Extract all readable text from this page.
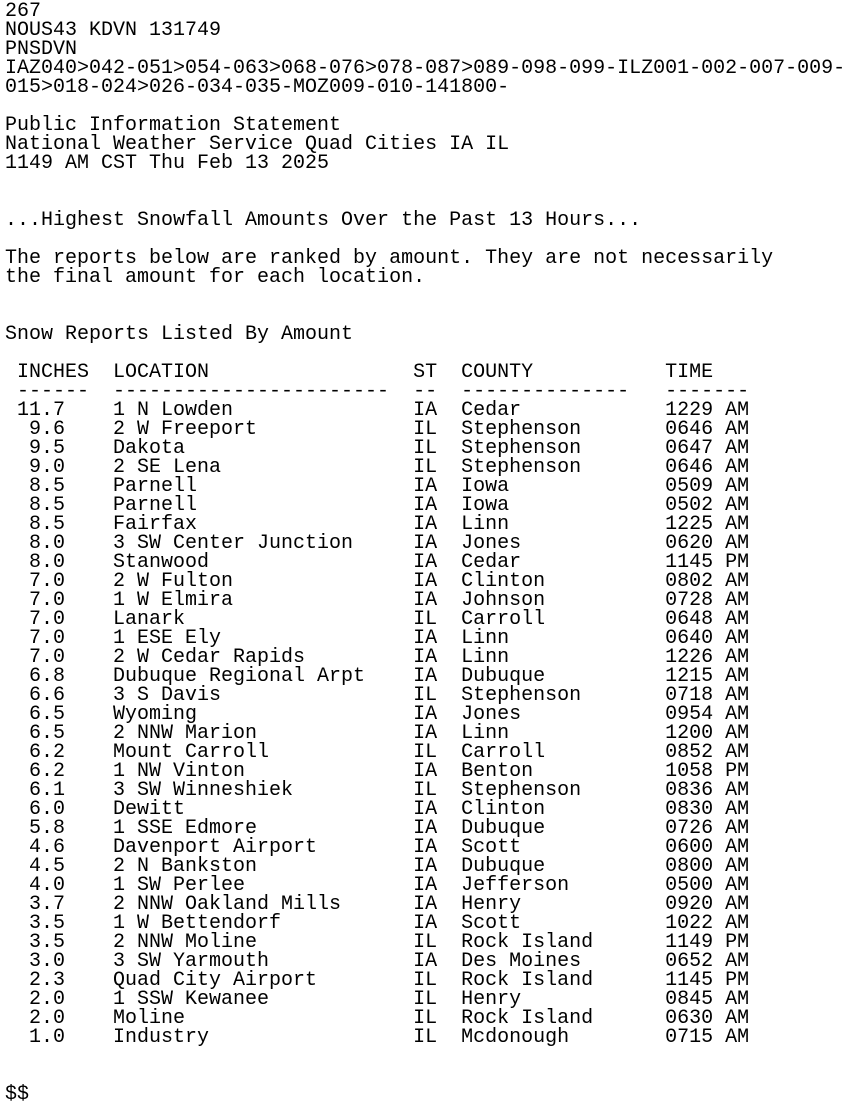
267
NOUS43 KDVN 131749
PNSDVN
IAZ040>042-051>054-063>068-076>078-087>089-098-099-ILZ001-002-007-009-
015>018-024>026-034-035-MOZ009-010-141800-
Public Information Statement
National Weather Service Quad Cities IA IL
1149 AM CST Thu Feb 13 2025
...Highest Snowfall Amounts Over the Past 13 Hours...
The reports below are ranked by amount. They are not necessarily
the final amount for each location.
Snow Reports Listed By Amount
INCHES  LOCATION                 ST  COUNTY           TIME
------  -----------------------  --  --------------   -------
11.7    1 N Lowden               IA  Cedar            1229 AM
9.6    2 W Freeport             IL  Stephenson       0646 AM
9.5    Dakota                   IL  Stephenson       0647 AM
9.0    2 SE Lena                IL  Stephenson       0646 AM
8.5    Parnell                  IA  Iowa             0509 AM
8.5    Parnell                  IA  Iowa             0502 AM
8.5    Fairfax                  IA  Linn             1225 AM
8.0    3 SW Center Junction     IA  Jones            0620 AM
8.0    Stanwood                 IA  Cedar            1145 PM
7.0    2 W Fulton               IA  Clinton          0802 AM
7.0    1 W Elmira               IA  Johnson          0728 AM
7.0    Lanark                   IL  Carroll          0648 AM
7.0    1 ESE Ely                IA  Linn             0640 AM
7.0    2 W Cedar Rapids         IA  Linn             1226 AM
6.8    Dubuque Regional Arpt    IA  Dubuque          1215 AM
6.6    3 S Davis                IL  Stephenson       0718 AM
6.5    Wyoming                  IA  Jones            0954 AM
6.5    2 NNW Marion             IA  Linn             1200 AM
6.2    Mount Carroll            IL  Carroll          0852 AM
6.2    1 NW Vinton              IA  Benton           1058 PM
6.1    3 SW Winneshiek          IL  Stephenson       0836 AM
6.0    Dewitt                   IA  Clinton          0830 AM
5.8    1 SSE Edmore             IA  Dubuque          0726 AM
4.6    Davenport Airport        IA  Scott            0600 AM
4.5    2 N Bankston             IA  Dubuque          0800 AM
4.0    1 SW Perlee              IA  Jefferson        0500 AM
3.7    2 NNW Oakland Mills      IA  Henry            0920 AM
3.5    1 W Bettendorf           IA  Scott            1022 AM
3.5    2 NNW Moline             IL  Rock Island      1149 PM
3.0    3 SW Yarmouth            IA  Des Moines       0652 AM
2.3    Quad City Airport        IL  Rock Island      1145 PM
2.0    1 SSW Kewanee            IL  Henry            0845 AM
2.0    Moline                   IL  Rock Island      0630 AM
1.0    Industry                 IL  Mcdonough        0715 AM
$$
